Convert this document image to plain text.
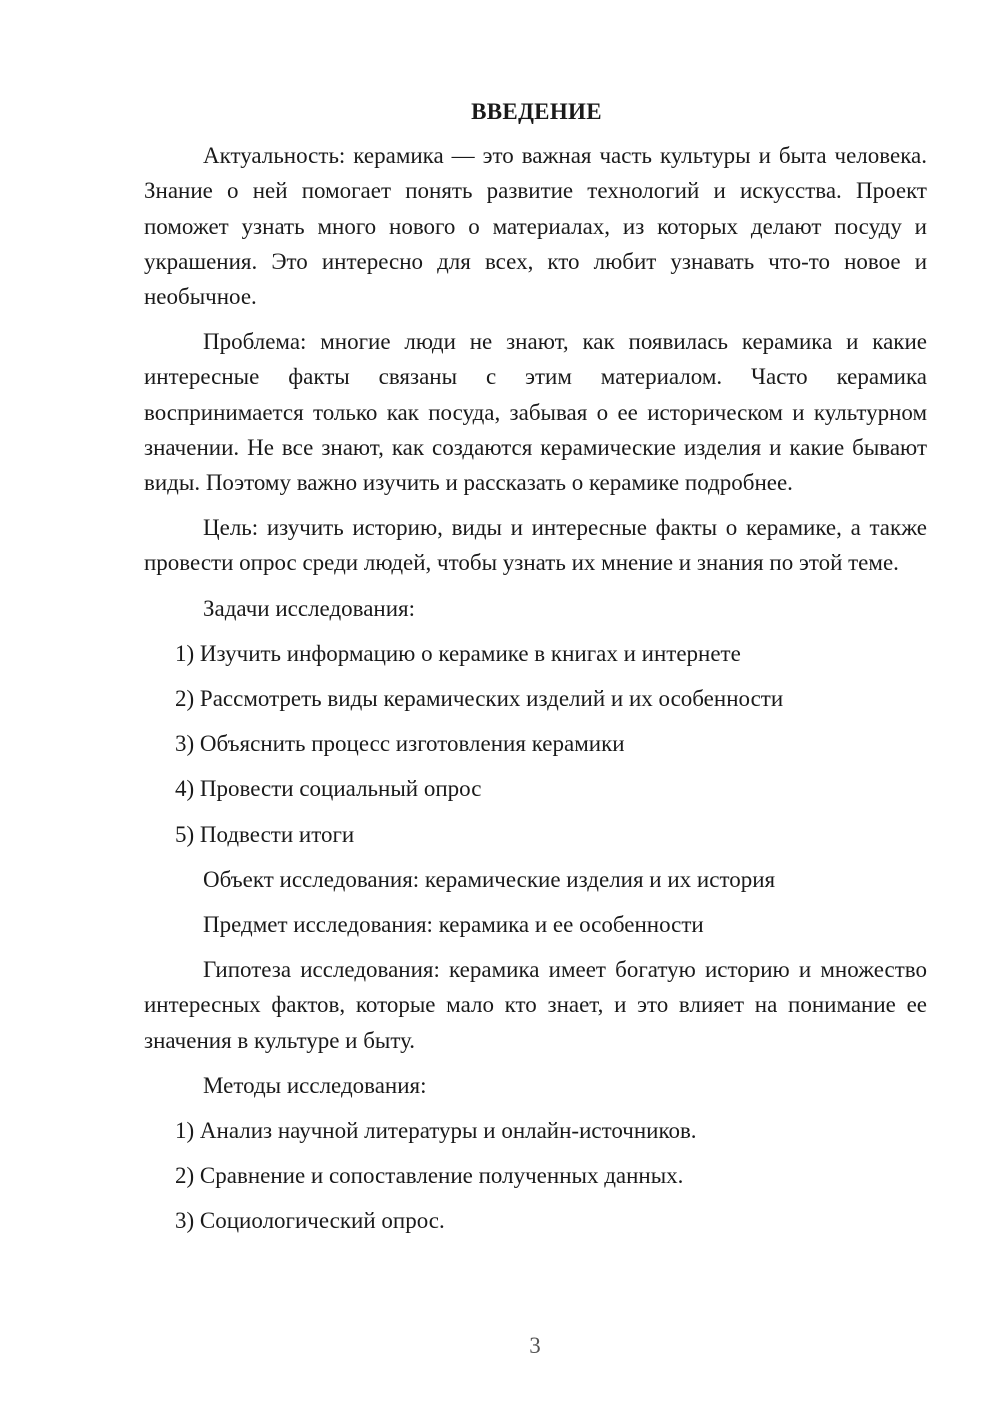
ВВЕДЕНИЕ

Актуальность: керамика — это важная часть культуры и быта человека. Знание о ней помогает понять развитие технологий и искусства. Проект поможет узнать много нового о материалах, из которых делают посуду и украшения. Это интересно для всех, кто любит узнавать что-то новое и необычное.

Проблема: многие люди не знают, как появилась керамика и какие интересные факты связаны с этим материалом. Часто керамика воспринимается только как посуда, забывая о ее историческом и культурном значении. Не все знают, как создаются керамические изделия и какие бывают виды. Поэтому важно изучить и рассказать о керамике подробнее.

Цель: изучить историю, виды и интересные факты о керамике, а также провести опрос среди людей, чтобы узнать их мнение и знания по этой теме.

Задачи исследования:

1) Изучить информацию о керамике в книгах и интернете

2) Рассмотреть виды керамических изделий и их особенности

3) Объяснить процесс изготовления керамики

4) Провести социальный опрос

5) Подвести итоги

Объект исследования: керамические изделия и их история

Предмет исследования: керамика и ее особенности

Гипотеза исследования: керамика имеет богатую историю и множество интересных фактов, которые мало кто знает, и это влияет на понимание ее значения в культуре и быту.

Методы исследования:

1) Анализ научной литературы и онлайн-источников.

2) Сравнение и сопоставление полученных данных.

3) Социологический опрос.

3
